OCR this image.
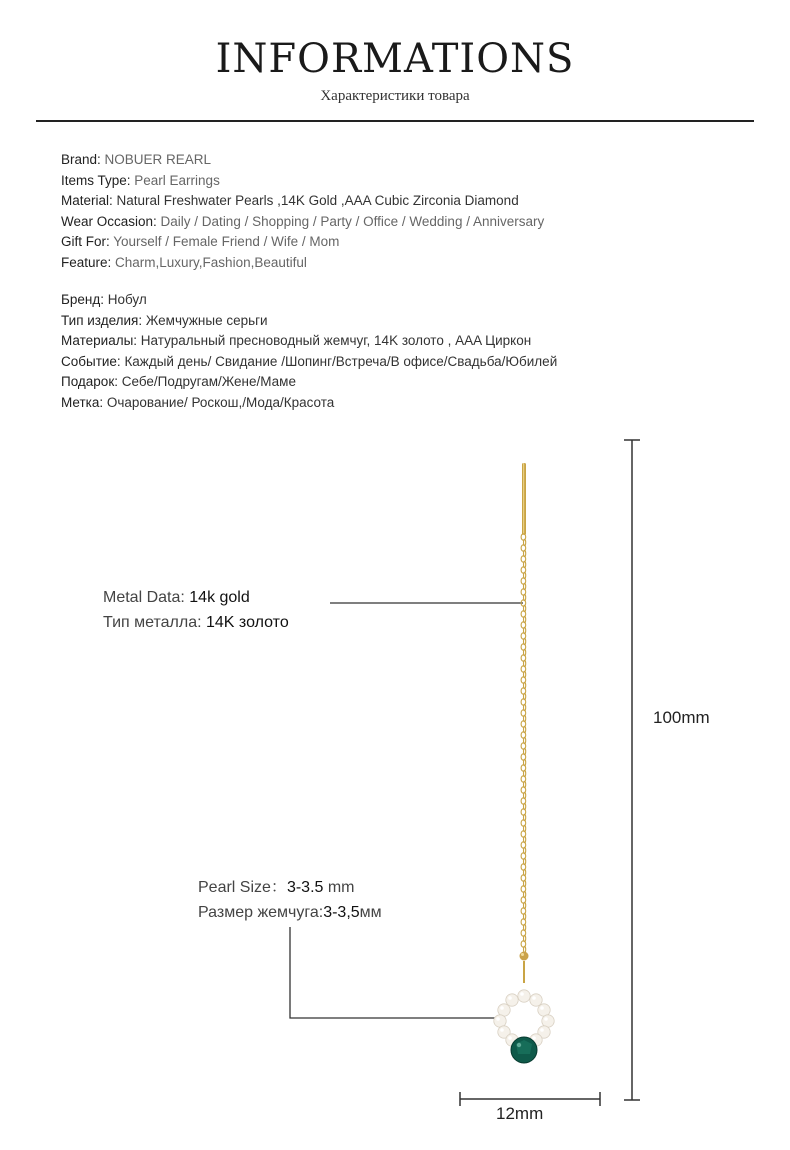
INFORMATIONS
Характеристики товара
Brand: NOBUER REARL
Items Type: Pearl Earrings
Material: Natural Freshwater Pearls ,14K Gold ,AAA Cubic Zirconia Diamond
Wear Occasion: Daily / Dating / Shopping / Party / Office / Wedding / Anniversary
Gift For: Yourself / Female Friend / Wife / Mom
Feature: Charm,Luxury,Fashion,Beautiful
Бренд: Нобул
Тип изделия: Жемчужные серьги
Материалы: Натуральный пресноводный жемчуг, 14K золото , AAA Циркон
Событие: Каждый день/ Свидание /Шопинг/Встреча/В офисе/Свадьба/Юбилей
Подарок: Себе/Подругам/Жене/Маме
Метка: Очарование/ Роскош,/Мода/Красота
Metal Data: 14k gold
Тип металла: 14K золото
Pearl Size：3-3.5 mm
Размер жемчуга:3-3,5мм
100mm
12mm
